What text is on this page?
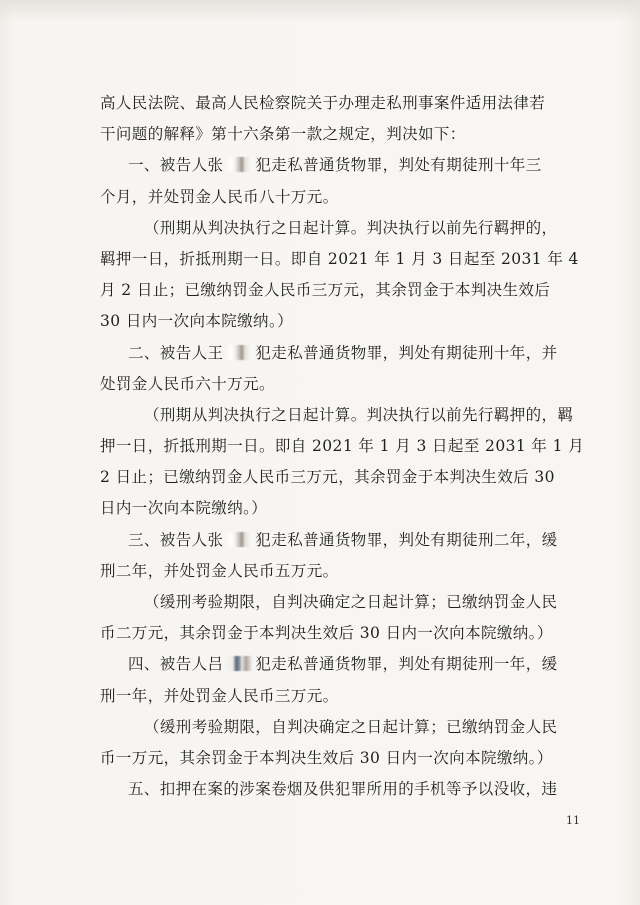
高人民法院、最高人民检察院关于办理走私刑事案件适用法律若
干问题的解释》第十六条第一款之规定，判决如下：
一、被告人张 犯走私普通货物罪，判处有期徒刑十年三
个月，并处罚金人民币八十万元。
（刑期从判决执行之日起计算。判决执行以前先行羁押的，
羁押一日，折抵刑期一日。即自 2021 年 1 月 3 日起至 2031 年 4
月 2 日止；已缴纳罚金人民币三万元，其余罚金于本判决生效后
30 日内一次向本院缴纳。）
二、被告人王 犯走私普通货物罪，判处有期徒刑十年，并
处罚金人民币六十万元。
（刑期从判决执行之日起计算。判决执行以前先行羁押的，羁
押一日，折抵刑期一日。即自 2021 年 1 月 3 日起至 2031 年 1 月
2 日止；已缴纳罚金人民币三万元，其余罚金于本判决生效后 30
日内一次向本院缴纳。）
三、被告人张 犯走私普通货物罪，判处有期徒刑二年，缓
刑二年，并处罚金人民币五万元。
（缓刑考验期限，自判决确定之日起计算；已缴纳罚金人民
币二万元，其余罚金于本判决生效后 30 日内一次向本院缴纳。）
四、被告人吕 犯走私普通货物罪，判处有期徒刑一年，缓
刑一年，并处罚金人民币三万元。
（缓刑考验期限，自判决确定之日起计算；已缴纳罚金人民
币一万元，其余罚金于本判决生效后 30 日内一次向本院缴纳。）
五、扣押在案的涉案卷烟及供犯罪所用的手机等予以没收，违
11
